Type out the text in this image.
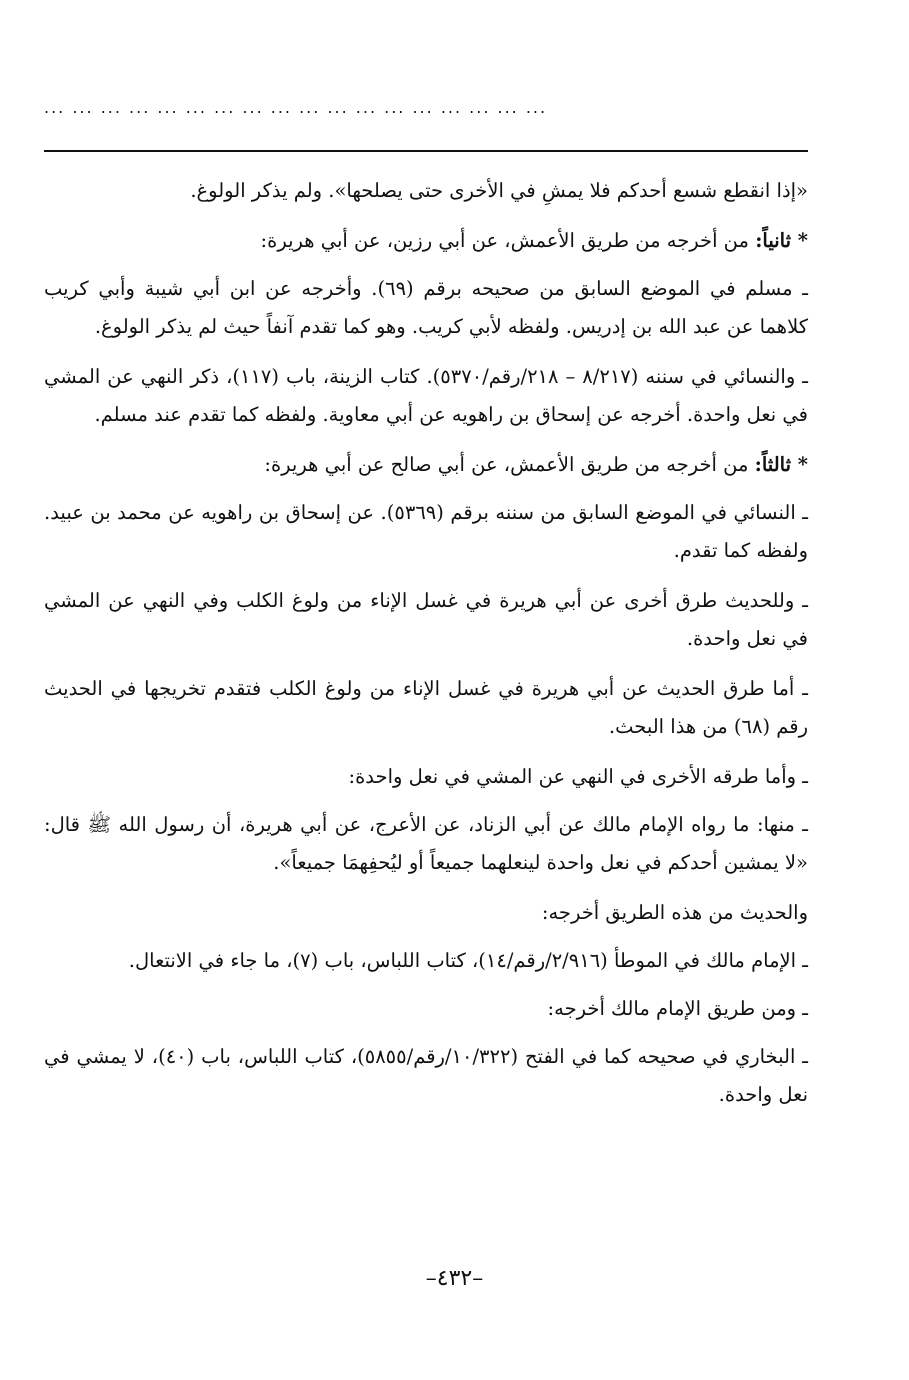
... ... ... ... ... ... ... ... ... ... ... ... ... ... ... ... ... ...

«إذا انقطع شسع أحدكم فلا يمشِ في الأخرى حتى يصلحها». ولم يذكر الولوغ.

* ثانياً: من أخرجه من طريق الأعمش، عن أبي رزين، عن أبي هريرة:

ـ مسلم في الموضع السابق من صحيحه برقم (٦٩). وأخرجه عن ابن أبي شيبة وأبي كريب كلاهما عن عبد الله بن إدريس. ولفظه لأبي كريب. وهو كما تقدم آنفاً حيث لم يذكر الولوغ.

ـ والنسائي في سننه (٨/٢١٧ – ٢١٨/رقم/٥٣٧٠). كتاب الزينة، باب (١١٧)، ذكر النهي عن المشي في نعل واحدة. أخرجه عن إسحاق بن راهويه عن أبي معاوية. ولفظه كما تقدم عند مسلم.

* ثالثاً: من أخرجه من طريق الأعمش، عن أبي صالح عن أبي هريرة:

ـ النسائي في الموضع السابق من سننه برقم (٥٣٦٩). عن إسحاق بن راهويه عن محمد بن عبيد. ولفظه كما تقدم.

ـ وللحديث طرق أخرى عن أبي هريرة في غسل الإناء من ولوغ الكلب وفي النهي عن المشي في نعل واحدة.

ـ أما طرق الحديث عن أبي هريرة في غسل الإناء من ولوغ الكلب فتقدم تخريجها في الحديث رقم (٦٨) من هذا البحث.

ـ وأما طرقه الأخرى في النهي عن المشي في نعل واحدة:

ـ منها: ما رواه الإمام مالك عن أبي الزناد، عن الأعرج، عن أبي هريرة، أن رسول الله ﷺ قال: «لا يمشين أحدكم في نعل واحدة لينعلهما جميعاً أو ليُحفِهمَا جميعاً».

والحديث من هذه الطريق أخرجه:

ـ الإمام مالك في الموطأ (٢/٩١٦/رقم/١٤)، كتاب اللباس، باب (٧)، ما جاء في الانتعال.

ـ ومن طريق الإمام مالك أخرجه:

ـ البخاري في صحيحه كما في الفتح (١٠/٣٢٢/رقم/٥٨٥٥)، كتاب اللباس، باب (٤٠)، لا يمشي في نعل واحدة.

–٤٣٢–
